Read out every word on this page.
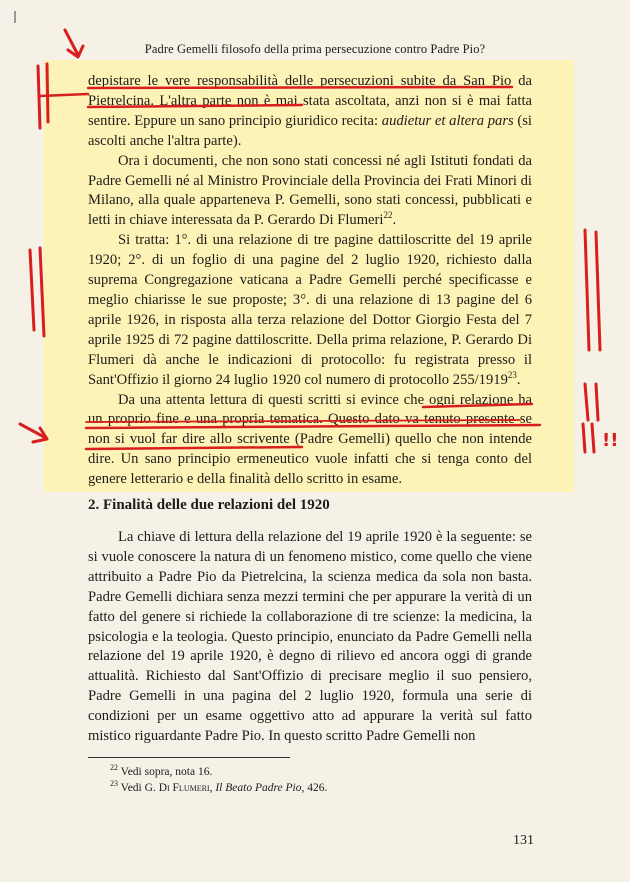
Padre Gemelli filosofo della prima persecuzione contro Padre Pio?

depistare le vere responsabilità delle persecuzioni subite da San Pio da Pietrelcina. L'altra parte non è mai stata ascoltata, anzi non si è mai fatta sentire. Eppure un sano principio giuridico recita: audietur et altera pars (si ascolti anche l'altra parte).

Ora i documenti, che non sono stati concessi né agli Istituti fondati da Padre Gemelli né al Ministro Provinciale della Provincia dei Frati Minori di Milano, alla quale apparteneva P. Gemelli, sono stati concessi, pubblicati e letti in chiave interessata da P. Gerardo Di Flumeri$^{22}$.

Si tratta: 1°. di una relazione di tre pagine dattiloscritte del 19 aprile 1920; 2°. di un foglio di una pagine del 2 luglio 1920, richiesto dalla suprema Congregazione vaticana a Padre Gemelli perché specificasse e meglio chiarisse le sue proposte; 3°. di una relazione di 13 pagine del 6 aprile 1926, in risposta alla terza relazione del Dottor Giorgio Festa del 7 aprile 1925 di 72 pagine dattiloscritte. Della prima relazione, P. Gerardo Di Flumeri dà anche le indicazioni di protocollo: fu registrata presso il Sant'Offizio il giorno 24 luglio 1920 col numero di protocollo 255/1919$^{23}$.

Da una attenta lettura di questi scritti si evince che ogni relazione ha un proprio fine e una propria tematica. Questo dato va tenuto presente se non si vuol far dire allo scrivente (Padre Gemelli) quello che non intende dire. Un sano principio ermeneutico vuole infatti che si tenga conto del genere letterario e della finalità dello scritto in esame.

2. Finalità delle due relazioni del 1920

La chiave di lettura della relazione del 19 aprile 1920 è la seguente: se si vuole conoscere la natura di un fenomeno mistico, come quello che viene attribuito a Padre Pio da Pietrelcina, la scienza medica da sola non basta. Padre Gemelli dichiara senza mezzi termini che per appurare la verità di un fatto del genere si richiede la collaborazione di tre scienze: la medicina, la psicologia e la teologia. Questo principio, enunciato da Padre Gemelli nella relazione del 19 aprile 1920, è degno di rilievo ed ancora oggi di grande attualità. Richiesto dal Sant'Offizio di precisare meglio il suo pensiero, Padre Gemelli in una pagina del 2 luglio 1920, formula una serie di condizioni per un esame oggettivo atto ad appurare la verità sul fatto mistico riguardante Padre Pio. In questo scritto Padre Gemelli non

$^{22}$ Vedi sopra, nota 16.
$^{23}$ Vedi G. Di Flumeri, Il Beato Padre Pio, 426.
131
!!
